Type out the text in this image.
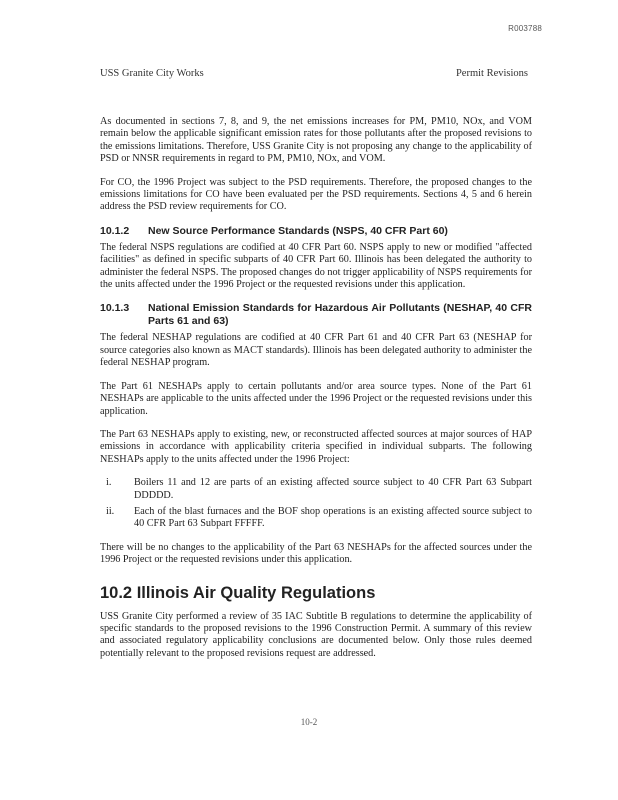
R003788
USS Granite City Works	Permit Revisions

As documented in sections 7, 8, and 9, the net emissions increases for PM, PM10, NOx, and VOM remain below the applicable significant emission rates for those pollutants after the proposed revisions to the emissions limitations. Therefore, USS Granite City is not proposing any change to the applicability of PSD or NNSR requirements in regard to PM, PM10, NOx, and VOM.

For CO, the 1996 Project was subject to the PSD requirements. Therefore, the proposed changes to the emissions limitations for CO have been evaluated per the PSD requirements. Sections 4, 5 and 6 herein address the PSD review requirements for CO.

10.1.2	New Source Performance Standards (NSPS, 40 CFR Part 60)

The federal NSPS regulations are codified at 40 CFR Part 60. NSPS apply to new or modified "affected facilities" as defined in specific subparts of 40 CFR Part 60. Illinois has been delegated the authority to administer the federal NSPS. The proposed changes do not trigger applicability of NSPS requirements for the units affected under the 1996 Project or the requested revisions under this application.

10.1.3	National Emission Standards for Hazardous Air Pollutants (NESHAP, 40 CFR Parts 61 and 63)

The federal NESHAP regulations are codified at 40 CFR Part 61 and 40 CFR Part 63 (NESHAP for source categories also known as MACT standards). Illinois has been delegated authority to administer the federal NESHAP program.

The Part 61 NESHAPs apply to certain pollutants and/or area source types. None of the Part 61 NESHAPs are applicable to the units affected under the 1996 Project or the requested revisions under this application.

The Part 63 NESHAPs apply to existing, new, or reconstructed affected sources at major sources of HAP emissions in accordance with applicability criteria specified in individual subparts. The following NESHAPs apply to the units affected under the 1996 Project:

i.	Boilers 11 and 12 are parts of an existing affected source subject to 40 CFR Part 63 Subpart DDDDD.
ii.	Each of the blast furnaces and the BOF shop operations is an existing affected source subject to 40 CFR Part 63 Subpart FFFFF.

There will be no changes to the applicability of the Part 63 NESHAPs for the affected sources under the 1996 Project or the requested revisions under this application.

10.2 Illinois Air Quality Regulations

USS Granite City performed a review of 35 IAC Subtitle B regulations to determine the applicability of specific standards to the proposed revisions to the 1996 Construction Permit. A summary of this review and associated regulatory applicability conclusions are documented below. Only those rules deemed potentially relevant to the proposed revisions request are addressed.

10-2
